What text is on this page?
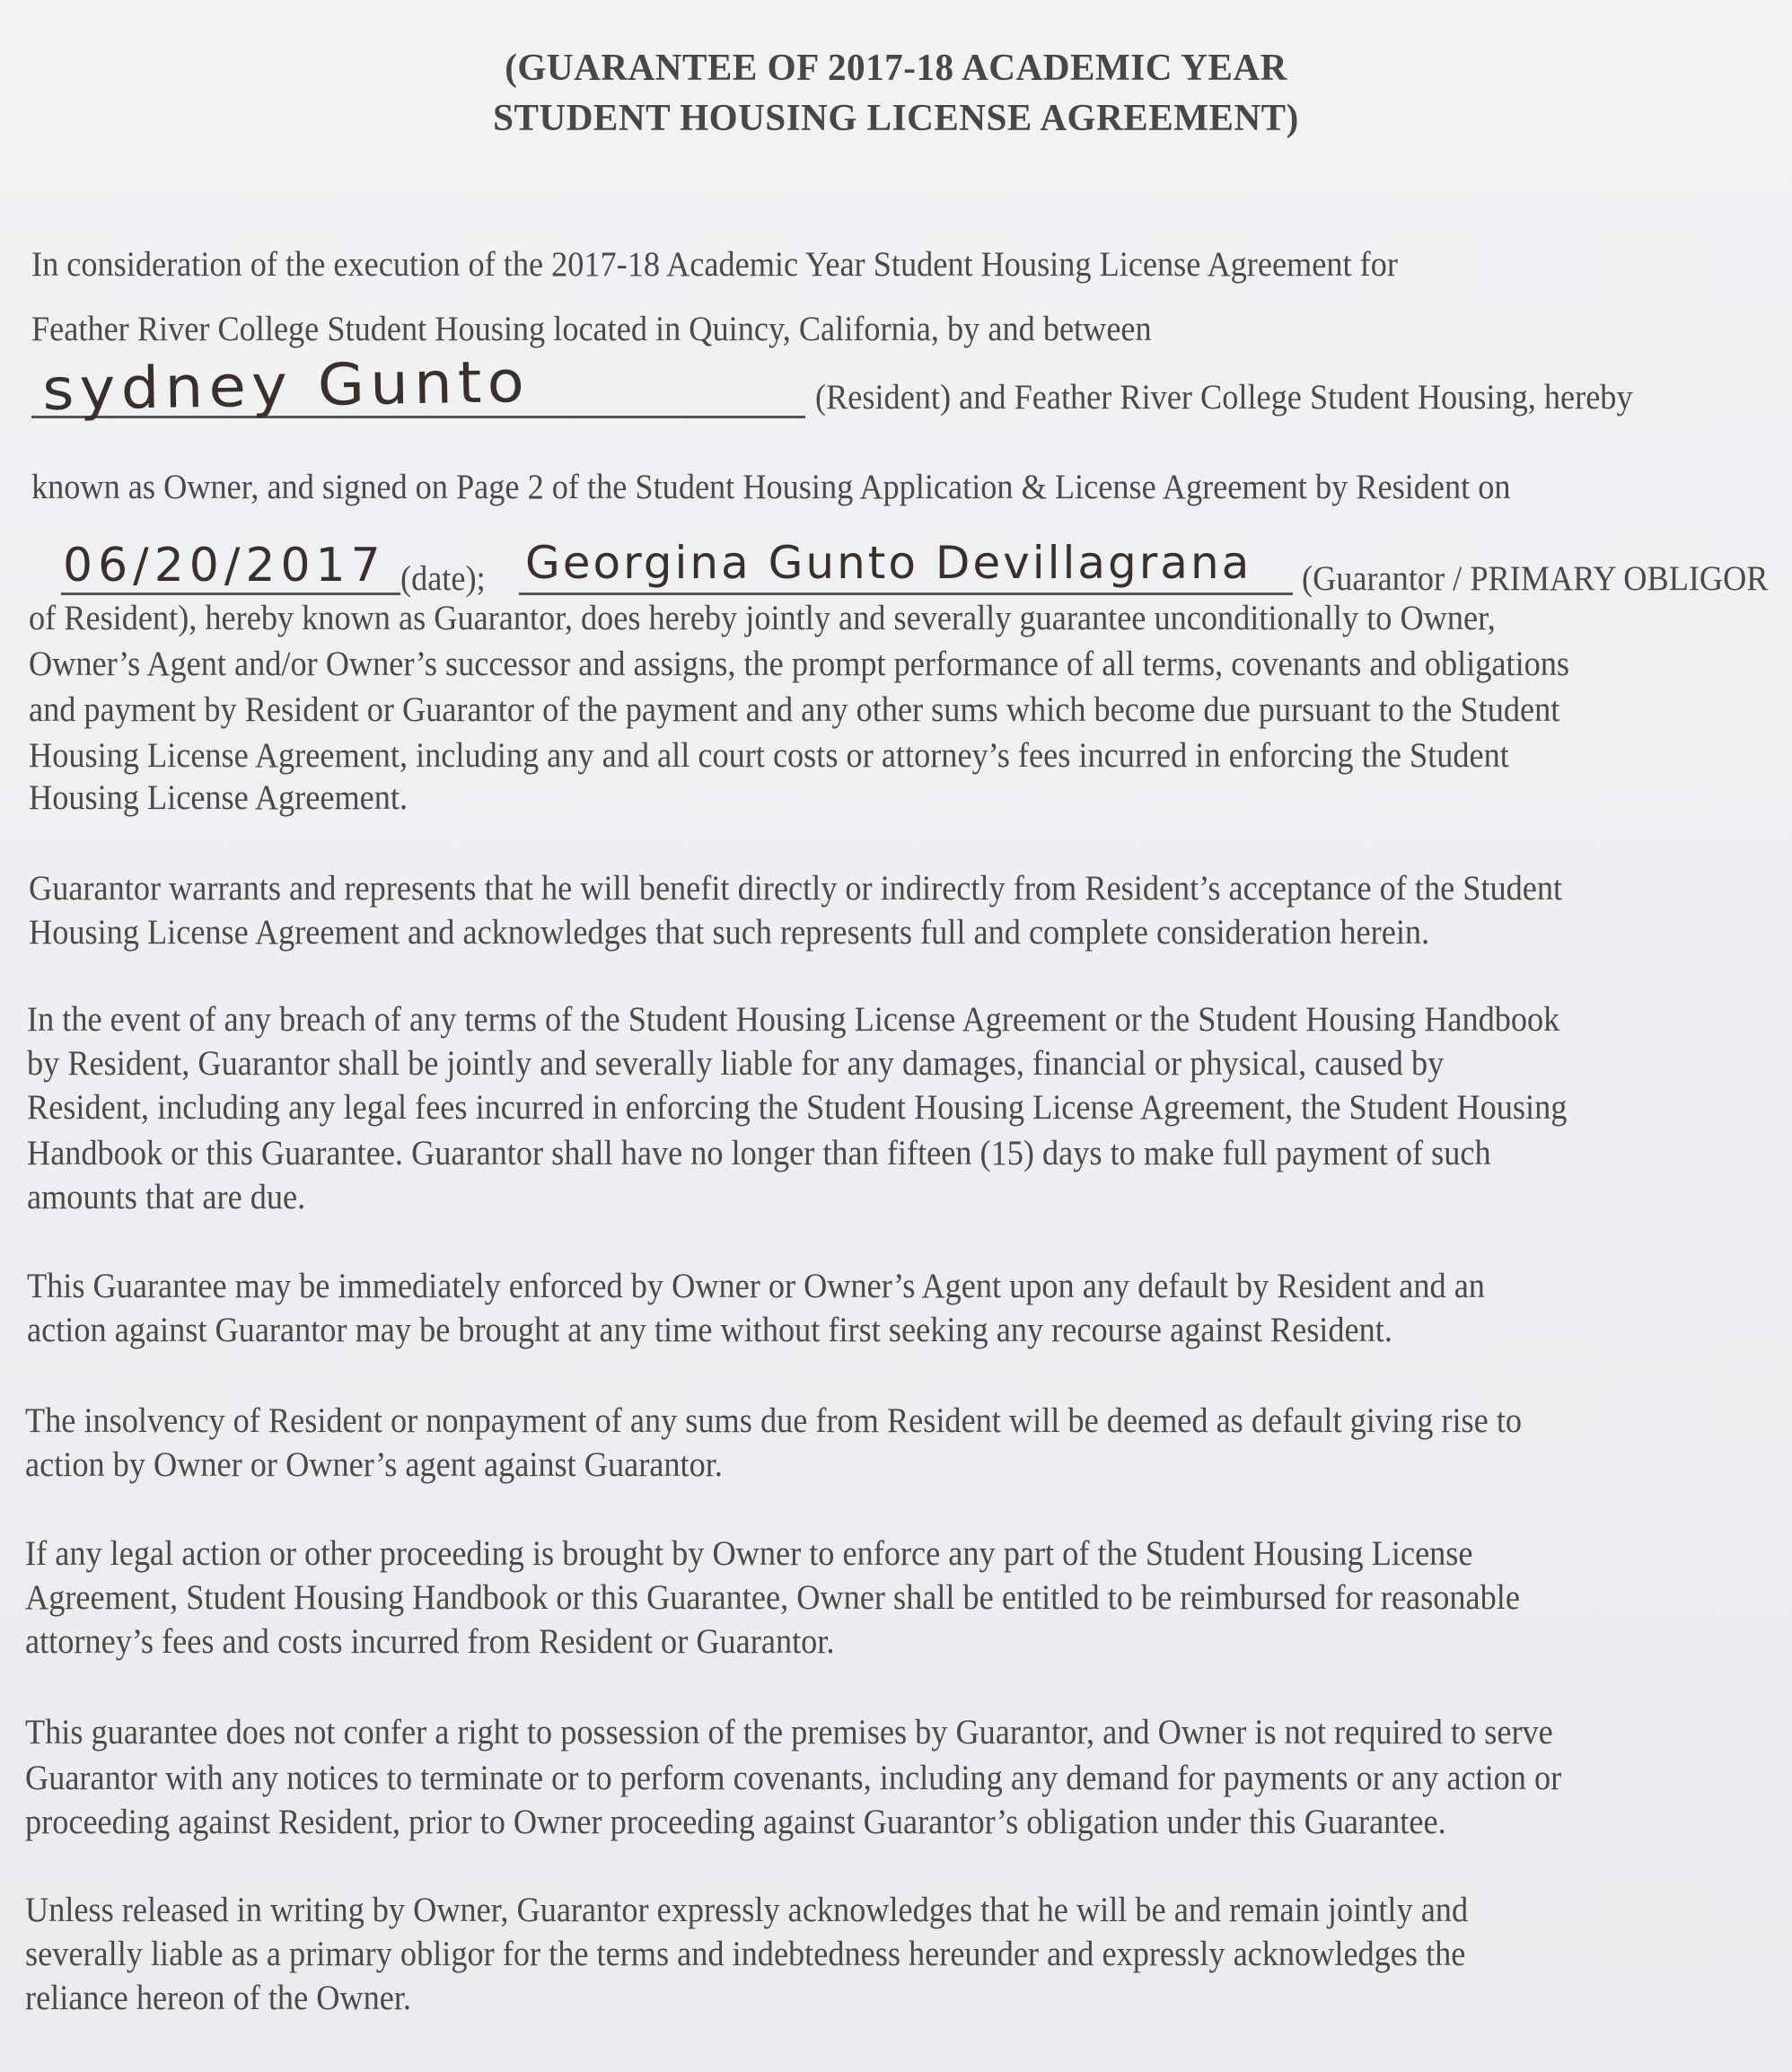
(GUARANTEE OF 2017-18 ACADEMIC YEAR
STUDENT HOUSING LICENSE AGREEMENT)
In consideration of the execution of the 2017-18 Academic Year Student Housing License Agreement for
Feather River College Student Housing located in Quincy, California, by and between
sydney Gunto	(Resident) and Feather River College Student Housing, hereby
known as Owner, and signed on Page 2 of the Student Housing Application & License Agreement by Resident on
06/20/2017 (date); Georgina Gunto Devillagrana (Guarantor / PRIMARY OBLIGOR
of Resident), hereby known as Guarantor, does hereby jointly and severally guarantee unconditionally to Owner,
Owner’s Agent and/or Owner’s successor and assigns, the prompt performance of all terms, covenants and obligations
and payment by Resident or Guarantor of the payment and any other sums which become due pursuant to the Student
Housing License Agreement, including any and all court costs or attorney’s fees incurred in enforcing the Student
Housing License Agreement.
Guarantor warrants and represents that he will benefit directly or indirectly from Resident’s acceptance of the Student
Housing License Agreement and acknowledges that such represents full and complete consideration herein.
In the event of any breach of any terms of the Student Housing License Agreement or the Student Housing Handbook
by Resident, Guarantor shall be jointly and severally liable for any damages, financial or physical, caused by
Resident, including any legal fees incurred in enforcing the Student Housing License Agreement, the Student Housing
Handbook or this Guarantee. Guarantor shall have no longer than fifteen (15) days to make full payment of such
amounts that are due.
This Guarantee may be immediately enforced by Owner or Owner’s Agent upon any default by Resident and an
action against Guarantor may be brought at any time without first seeking any recourse against Resident.
The insolvency of Resident or nonpayment of any sums due from Resident will be deemed as default giving rise to
action by Owner or Owner’s agent against Guarantor.
If any legal action or other proceeding is brought by Owner to enforce any part of the Student Housing License
Agreement, Student Housing Handbook or this Guarantee, Owner shall be entitled to be reimbursed for reasonable
attorney’s fees and costs incurred from Resident or Guarantor.
This guarantee does not confer a right to possession of the premises by Guarantor, and Owner is not required to serve
Guarantor with any notices to terminate or to perform covenants, including any demand for payments or any action or
proceeding against Resident, prior to Owner proceeding against Guarantor’s obligation under this Guarantee.
Unless released in writing by Owner, Guarantor expressly acknowledges that he will be and remain jointly and
severally liable as a primary obligor for the terms and indebtedness hereunder and expressly acknowledges the
reliance hereon of the Owner.
